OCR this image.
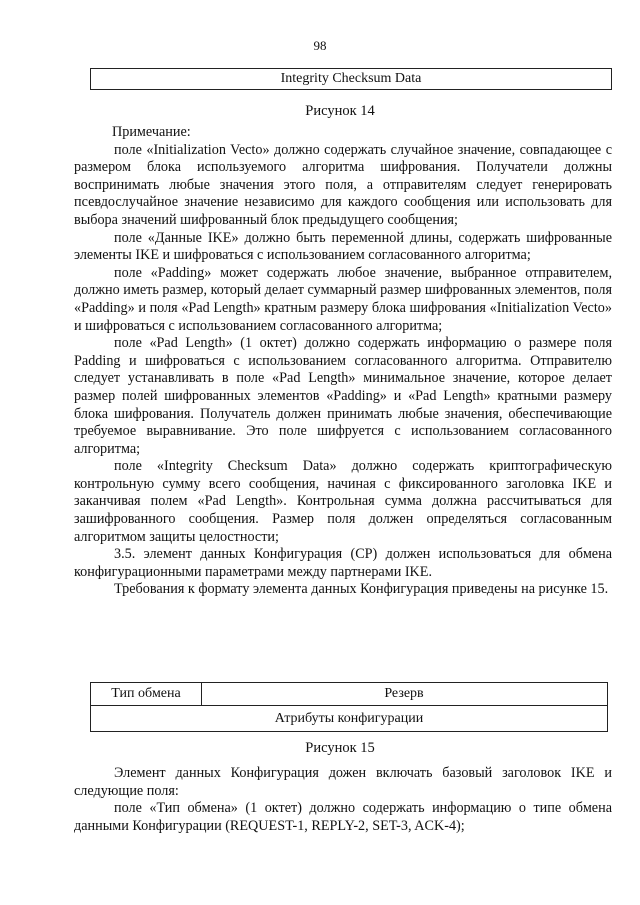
98
Integrity Checksum Data
Рисунок 14

Примечание:

поле «Initialization Vecto» должно содержать случайное значение, совпадающее с размером блока используемого алгоритма шифрования. Получатели должны воспринимать любые значения этого поля, а отправителям следует генерировать псевдослучайное значение независимо для каждого сообщения или использовать для выбора значений шифрованный блок предыдущего сообщения;

поле «Данные IKE» должно быть переменной длины, содержать шифрованные элементы IKE и шифроваться с использованием согласованного алгоритма;

поле «Padding» может содержать любое значение, выбранное отправителем, должно иметь размер, который делает суммарный размер шифрованных элементов, поля «Padding» и поля «Pad Length» кратным размеру блока шифрования «Initialization Vecto» и шифроваться с использованием согласованного алгоритма;

поле «Pad Length» (1 октет) должно содержать информацию о размере поля Padding и шифроваться с использованием согласованного алгоритма. Отправителю следует устанавливать в поле «Pad Length» минимальное значение, которое делает размер полей шифрованных элементов «Padding» и «Pad Length» кратными размеру блока шифрования. Получатель должен принимать любые значения, обеспечивающие требуемое выравнивание. Это поле шифруется с использованием согласованного алгоритма;

поле «Integrity Checksum Data» должно содержать криптографическую контрольную сумму всего сообщения, начиная с фиксированного заголовка IKE и заканчивая полем «Pad Length». Контрольная сумма должна рассчитываться для зашифрованного сообщения. Размер поля должен определяться согласованным алгоритмом защиты целостности;

3.5. элемент данных Конфигурация (CP) должен использоваться для обмена конфигурационными параметрами между партнерами IKE.

Требования к формату элемента данных Конфигурация приведены на рисунке 15.

Тип обмена	Резерв
Атрибуты конфигурации
Рисунок 15

Элемент данных Конфигурация дожен включать базовый заголовок IKE и следующие поля:

поле «Тип обмена» (1 октет) должно содержать информацию о типе обмена данными Конфигурации (REQUEST-1, REPLY-2, SET-3, ACK-4);
